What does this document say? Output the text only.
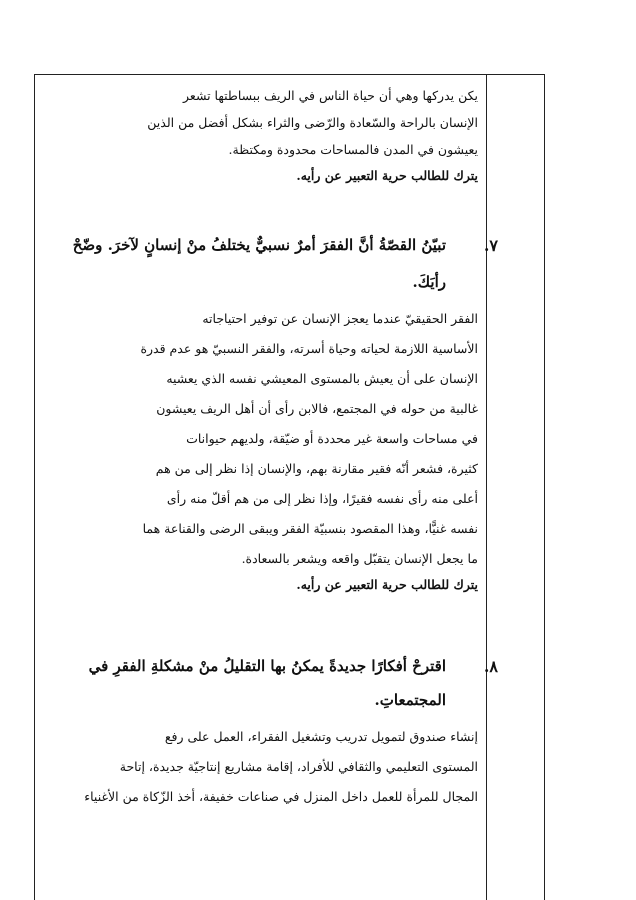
يكن يدركها وهي أن حياة الناس في الريف ببساطتها تشعر
الإنسان بالراحة والسّعادة والرّضى والثراء بشكل أفضل من الذين
يعيشون في المدن فالمساحات محدودة ومكتظة.
يترك للطالب حرية التعبير عن رأيه.
٧.
تبيّنُ القصّةُ أنَّ الفقرَ أمرٌ نسبيٌّ يختلفُ منْ إنسانٍ لآخرَ. وضّحْ
رأيَكَ.
الفقر الحقيقيّ عندما يعجز الإنسان عن توفير احتياجاته
الأساسية اللازمة لحياته وحياة أسرته، والفقر النسبيّ هو عدم قدرة
الإنسان على أن يعيش بالمستوى المعيشي نفسه الذي يعشيه
غالبية من حوله في المجتمع، فالابن رأى أن أهل الريف يعيشون
في مساحات واسعة غير محددة أو ضيّقة، ولديهم حيوانات
كثيرة، فشعر أنّه فقير مقارنة بهم، والإنسان إذا نظر إلى من هم
أعلى منه رأى نفسه فقيرًا، وإذا نظر إلى من هم أقلّ منه رأى
نفسه غنيًّا، وهذا المقصود بنسبيّة الفقر ويبقى الرضى والقناعة هما
ما يجعل الإنسان يتقبّل واقعه ويشعر بالسعادة.
يترك للطالب حرية التعبير عن رأيه.
٨.
اقترحْ أفكارًا جديدةً يمكنُ بها التقليلُ منْ مشكلةِ الفقرِ في
المجتمعاتِ.
إنشاء صندوق لتمويل تدريب وتشغيل الفقراء، العمل على رفع
المستوى التعليمي والثقافي للأفراد، إقامة مشاريع إنتاجيّة جديدة، إتاحة
المجال للمرأة للعمل داخل المنزل في صناعات خفيفة، أخذ الزّكاة من الأغنياء
